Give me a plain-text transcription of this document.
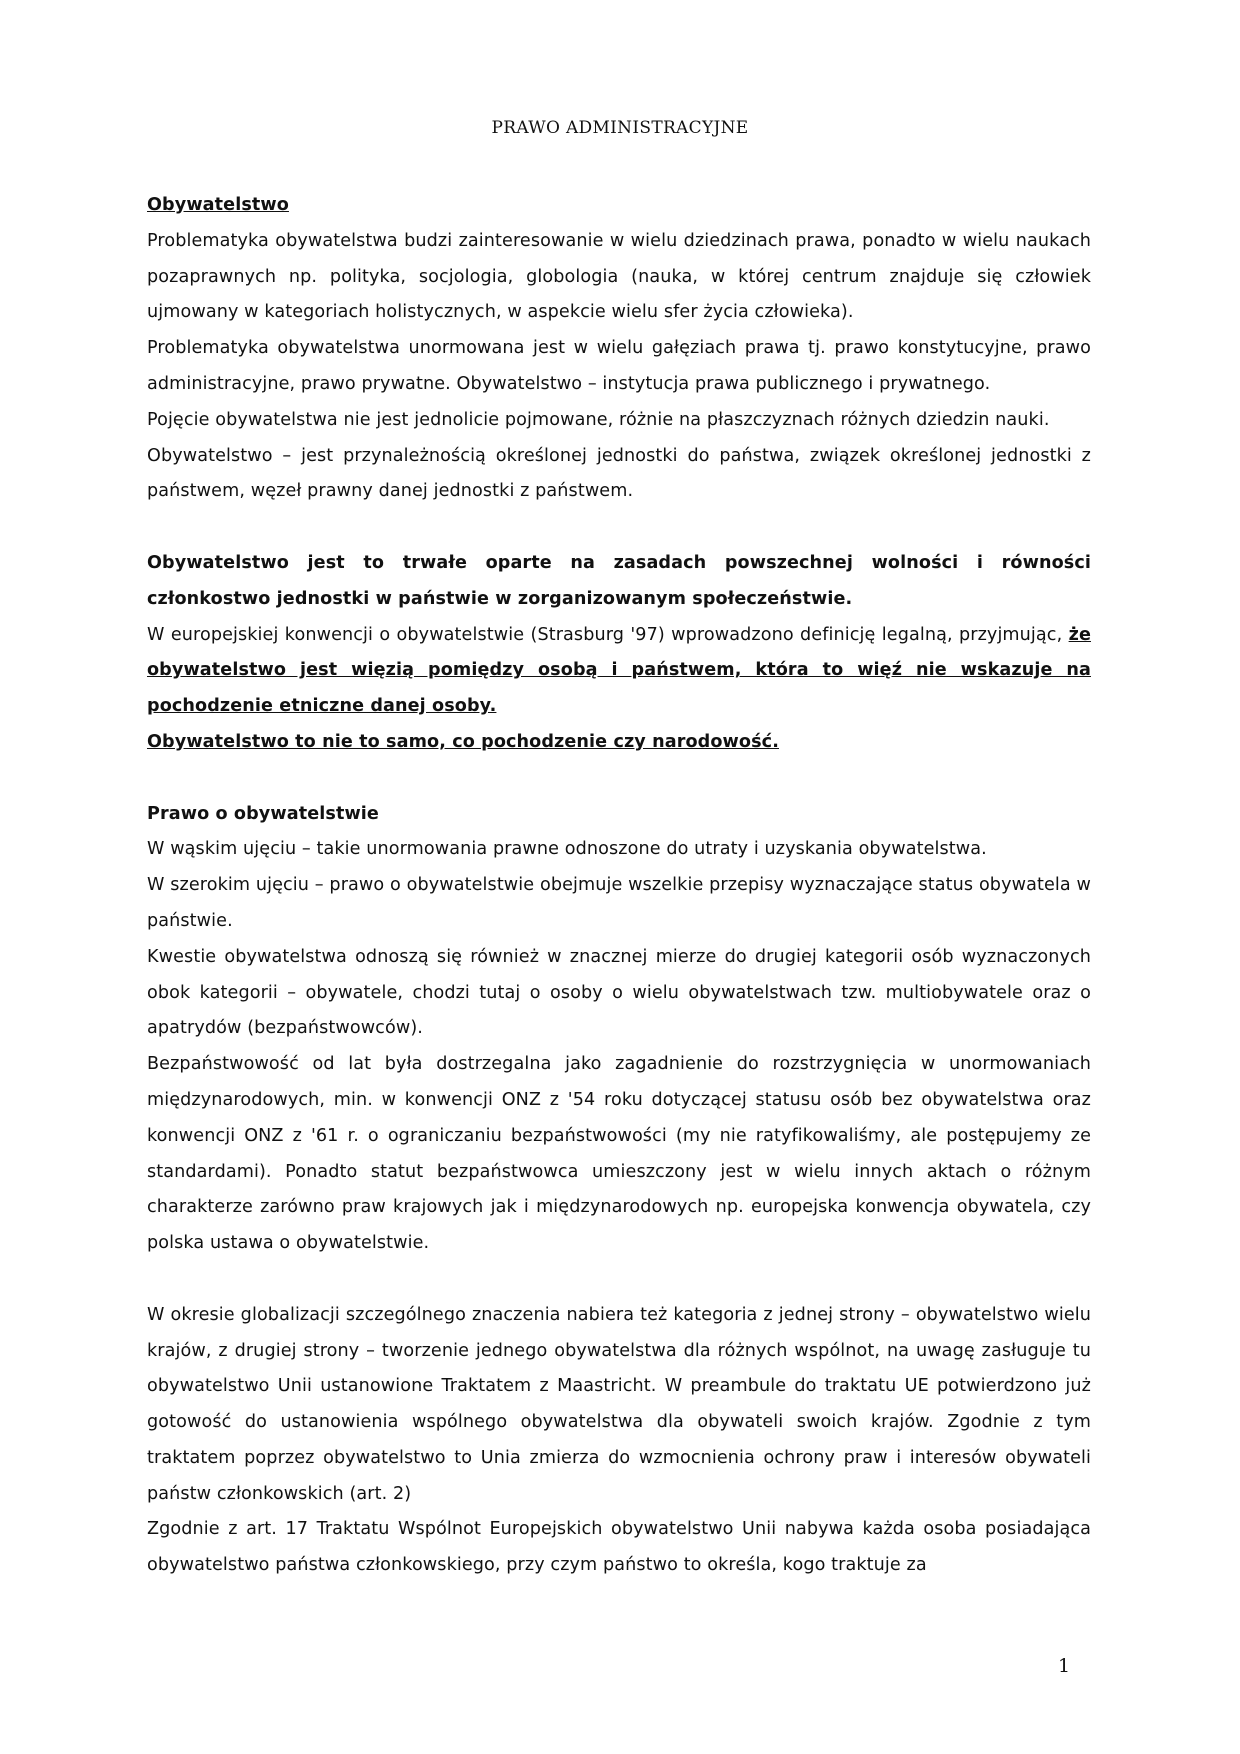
PRAWO ADMINISTRACYJNE

Obywatelstwo

Problematyka obywatelstwa budzi zainteresowanie w wielu dziedzinach prawa, ponadto w wielu naukach pozaprawnych np. polityka, socjologia, globologia (nauka, w której centrum znajduje się człowiek ujmowany w kategoriach holistycznych, w aspekcie wielu sfer życia człowieka).

Problematyka obywatelstwa unormowana jest w wielu gałęziach prawa tj. prawo konstytucyjne, prawo administracyjne, prawo prywatne. Obywatelstwo – instytucja prawa publicznego i prywatnego.

Pojęcie obywatelstwa nie jest jednolicie pojmowane, różnie na płaszczyznach różnych dziedzin nauki.

Obywatelstwo – jest przynależnością określonej jednostki do państwa, związek określonej jednostki z państwem, węzeł prawny danej jednostki z państwem.

Obywatelstwo jest to trwałe oparte na zasadach powszechnej wolności i równości członkostwo jednostki w państwie w zorganizowanym społeczeństwie.

W europejskiej konwencji o obywatelstwie (Strasburg '97) wprowadzono definicję legalną, przyjmując, że obywatelstwo jest więzią pomiędzy osobą i państwem, która to więź nie wskazuje na pochodzenie etniczne danej osoby.

Obywatelstwo to nie to samo, co pochodzenie czy narodowość.

Prawo o obywatelstwie

W wąskim ujęciu – takie unormowania prawne odnoszone do utraty i uzyskania obywatelstwa.

W szerokim ujęciu – prawo o obywatelstwie obejmuje wszelkie przepisy wyznaczające status obywatela w państwie.

Kwestie obywatelstwa odnoszą się również w znacznej mierze do drugiej kategorii osób wyznaczonych obok kategorii – obywatele, chodzi tutaj o osoby o wielu obywatelstwach tzw. multiobywatele oraz o apatrydów (bezpaństwowców).

Bezpaństwowość od lat była dostrzegalna jako zagadnienie do rozstrzygnięcia w unormowaniach międzynarodowych, min. w konwencji ONZ z '54 roku dotyczącej statusu osób bez obywatelstwa oraz konwencji ONZ z '61 r. o ograniczaniu bezpaństwowości (my nie ratyfikowaliśmy, ale postępujemy ze standardami). Ponadto statut bezpaństwowca umieszczony jest w wielu innych aktach o różnym charakterze zarówno praw krajowych jak i międzynarodowych np. europejska konwencja obywatela, czy polska ustawa o obywatelstwie.

W okresie globalizacji szczególnego znaczenia nabiera też kategoria z jednej strony – obywatelstwo wielu krajów, z drugiej strony – tworzenie jednego obywatelstwa dla różnych wspólnot, na uwagę zasługuje tu obywatelstwo Unii ustanowione Traktatem z Maastricht. W preambule do traktatu UE potwierdzono już gotowość do ustanowienia wspólnego obywatelstwa dla obywateli swoich krajów. Zgodnie z tym traktatem poprzez obywatelstwo to Unia zmierza do wzmocnienia ochrony praw i interesów obywateli państw członkowskich (art. 2)

Zgodnie z art. 17 Traktatu Wspólnot Europejskich obywatelstwo Unii nabywa każda osoba posiadająca obywatelstwo państwa członkowskiego, przy czym państwo to określa, kogo traktuje za

1
